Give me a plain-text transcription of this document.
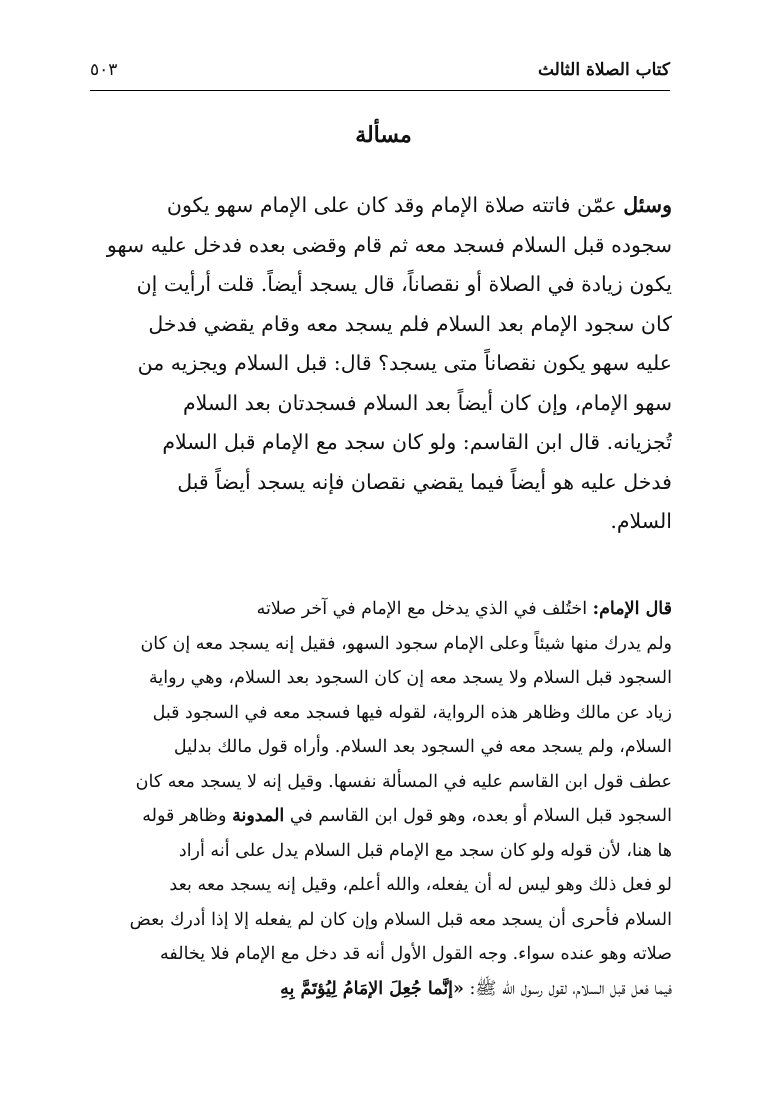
كتاب الصلاة الثالث
٥٠٣
مسألة

وسئل عمّن فاتته صلاة الإمام وقد كان على الإمام سهو يكون
سجوده قبل السلام فسجد معه ثم قام وقضى بعده فدخل عليه سهو
يكون زيادة في الصلاة أو نقصاناً، قال يسجد أيضاً. قلت أرأيت إن
كان سجود الإمام بعد السلام فلم يسجد معه وقام يقضي فدخل
عليه سهو يكون نقصاناً متى يسجد؟ قال: قبل السلام ويجزيه من
سهو الإمام، وإن كان أيضاً بعد السلام فسجدتان بعد السلام
تُجزيانه. قال ابن القاسم: ولو كان سجد مع الإمام قبل السلام
فدخل عليه هو أيضاً فيما يقضي نقصان فإنه يسجد أيضاً قبل
السلام.

قال الإمام: اختُلف في الذي يدخل مع الإمام في آخر صلاته
ولم يدرك منها شيئاً وعلى الإمام سجود السهو، فقيل إنه يسجد معه إن كان
السجود قبل السلام ولا يسجد معه إن كان السجود بعد السلام، وهي رواية
زياد عن مالك وظاهر هذه الرواية، لقوله فيها فسجد معه في السجود قبل
السلام، ولم يسجد معه في السجود بعد السلام. وأراه قول مالك بدليل
عطف قول ابن القاسم عليه في المسألة نفسها. وقيل إنه لا يسجد معه كان
السجود قبل السلام أو بعده، وهو قول ابن القاسم في المدونة وظاهر قوله
ها هنا، لأن قوله ولو كان سجد مع الإمام قبل السلام يدل على أنه أراد
لو فعل ذلك وهو ليس له أن يفعله، والله أعلم، وقيل إنه يسجد معه بعد
السلام فأحرى أن يسجد معه قبل السلام وإن كان لم يفعله إلا إذا أدرك بعض
صلاته وهو عنده سواء. وجه القول الأول أنه قد دخل مع الإمام فلا يخالفه
فيما فعل قبل السلام، لقول رسول الله ﷺ: «إنَّما جُعِلَ الإمَامُ لِيُؤتَمَّ بِهِ
